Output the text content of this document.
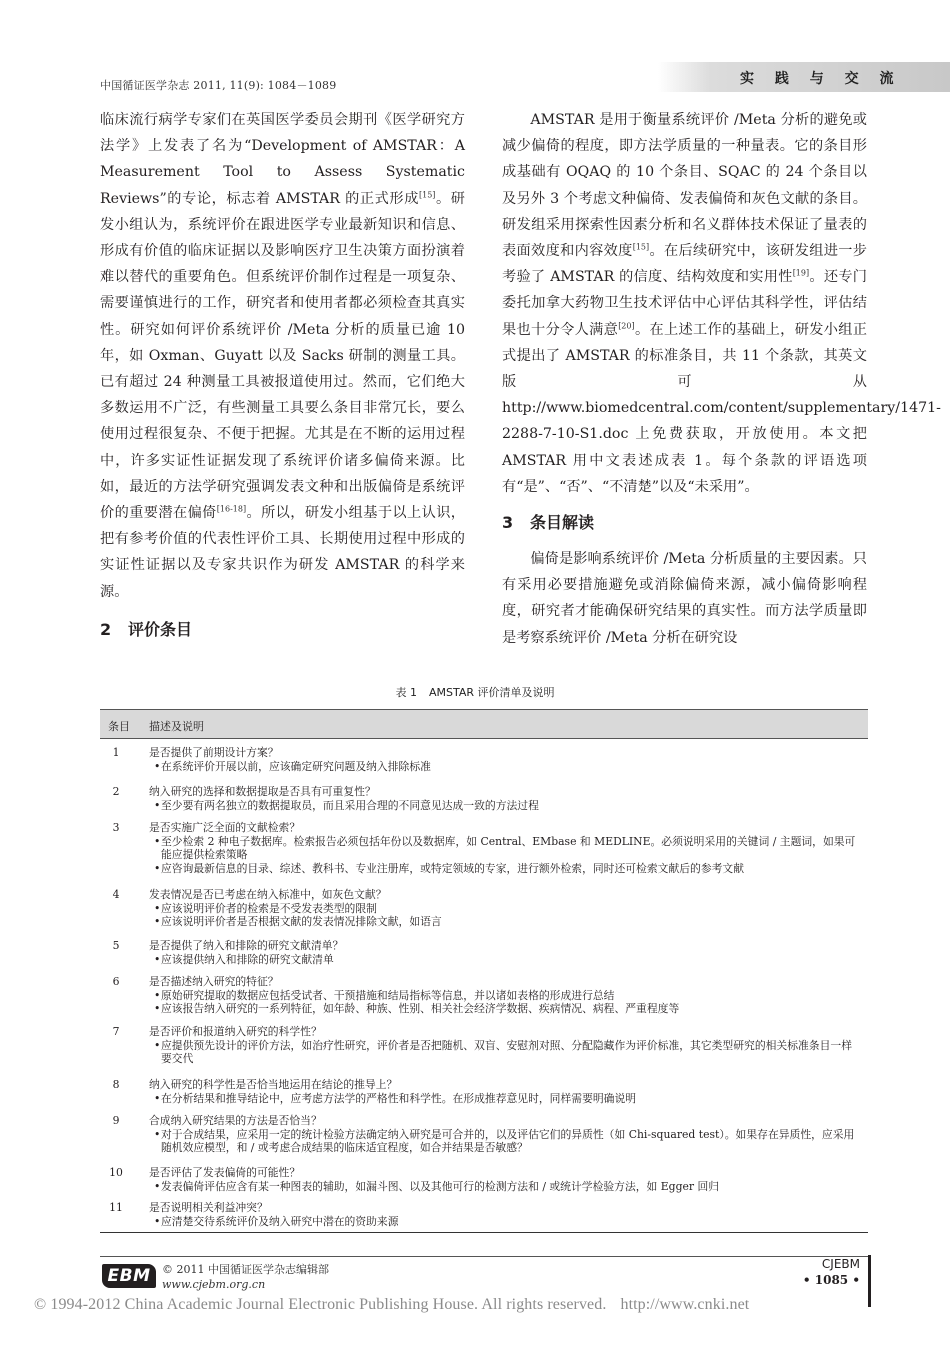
中国循证医学杂志 2011, 11(9): 1084－1089	实 践 与 交 流

临床流行病学专家们在英国医学委员会期刊《医学研究方法学》上发表了名为“Development of AMSTAR：A Measurement Tool to Assess Systematic Reviews”的专论，标志着 AMSTAR 的正式形成[15]。研发小组认为，系统评价在跟进医学专业最新知识和信息、形成有价值的临床证据以及影响医疗卫生决策方面扮演着难以替代的重要角色。但系统评价制作过程是一项复杂、需要谨慎进行的工作，研究者和使用者都必须检查其真实性。研究如何评价系统评价 /Meta 分析的质量已逾 10 年，如 Oxman、Guyatt 以及 Sacks 研制的测量工具。已有超过 24 种测量工具被报道使用过。然而，它们绝大多数运用不广泛，有些测量工具要么条目非常冗长，要么使用过程很复杂、不便于把握。尤其是在不断的运用过程中，许多实证性证据发现了系统评价诸多偏倚来源。比如，最近的方法学研究强调发表文种和出版偏倚是系统评价的重要潜在偏倚[16-18]。所以，研发小组基于以上认识，把有参考价值的代表性评价工具、长期使用过程中形成的实证性证据以及专家共识作为研发 AMSTAR 的科学来源。

2 评价条目

AMSTAR 是用于衡量系统评价 /Meta 分析的避免或减少偏倚的程度，即方法学质量的一种量表。它的条目形成基础有 OQAQ 的 10 个条目、SQAC 的 24 个条目以及另外 3 个考虑文种偏倚、发表偏倚和灰色文献的条目。研发组采用探索性因素分析和名义群体技术保证了量表的表面效度和内容效度[15]。在后续研究中，该研发组进一步考验了 AMSTAR 的信度、结构效度和实用性[19]。还专门委托加拿大药物卫生技术评估中心评估其科学性，评估结果也十分令人满意[20]。在上述工作的基础上，研发小组正式提出了 AMSTAR 的标准条目，共 11 个条款，其英文版可从 http://www.biomedcentral.com/content/supplementary/1471-2288-7-10-S1.doc 上免费获取，开放使用。本文把 AMSTAR 用中文表述成表 1。每个条款的评语选项有“是”、“否”、“不清楚”以及“未采用”。

3 条目解读

偏倚是影响系统评价 /Meta 分析质量的主要因素。只有采用必要措施避免或消除偏倚来源，减小偏倚影响程度，研究者才能确保研究结果的真实性。而方法学质量即是考察系统评价 /Meta 分析在研究设

表 1 AMSTAR 评价清单及说明
条目 描述及说明
1	是否提供了前期设计方案？
• 在系统评价开展以前，应该确定研究问题及纳入排除标准
2	纳入研究的选择和数据提取是否具有可重复性？
• 至少要有两名独立的数据提取员，而且采用合理的不同意见达成一致的方法过程
3	是否实施广泛全面的文献检索？
• 至少检索 2 种电子数据库。检索报告必须包括年份以及数据库，如 Central、EMbase 和 MEDLINE。必须说明采用的关键词 / 主题词，如果可能应提供检索策略
• 应咨询最新信息的目录、综述、教科书、专业注册库，或特定领域的专家，进行额外检索，同时还可检索文献后的参考文献
4	发表情况是否已考虑在纳入标准中，如灰色文献？
• 应该说明评价者的检索是不受发表类型的限制
• 应该说明评价者是否根据文献的发表情况排除文献，如语言
5	是否提供了纳入和排除的研究文献清单？
• 应该提供纳入和排除的研究文献清单
6	是否描述纳入研究的特征？
• 原始研究提取的数据应包括受试者、干预措施和结局指标等信息，并以诸如表格的形成进行总结
• 应该报告纳入研究的一系列特征，如年龄、种族、性别、相关社会经济学数据、疾病情况、病程、严重程度等
7	是否评价和报道纳入研究的科学性？
• 应提供预先设计的评价方法，如治疗性研究，评价者是否把随机、双盲、安慰剂对照、分配隐藏作为评价标准，其它类型研究的相关标准条目一样要交代
8	纳入研究的科学性是否恰当地运用在结论的推导上？
• 在分析结果和推导结论中，应考虑方法学的严格性和科学性。在形成推荐意见时，同样需要明确说明
9	合成纳入研究结果的方法是否恰当？
• 对于合成结果，应采用一定的统计检验方法确定纳入研究是可合并的，以及评估它们的异质性（如 Chi-squared test）。如果存在异质性，应采用随机效应模型，和 / 或考虑合成结果的临床适宜程度，如合并结果是否敏感？
10	是否评估了发表偏倚的可能性？
• 发表偏倚评估应含有某一种图表的辅助，如漏斗图、以及其他可行的检测方法和 / 或统计学检验方法，如 Egger 回归
11	是否说明相关利益冲突？
• 应清楚交待系统评价及纳入研究中潜在的资助来源
EBM	© 2011 中国循证医学杂志编辑部
www.cjebm.org.cn
CJEBM
• 1085 •
© 1994-2012 China Academic Journal Electronic Publishing House. All rights reserved. http://www.cnki.net
